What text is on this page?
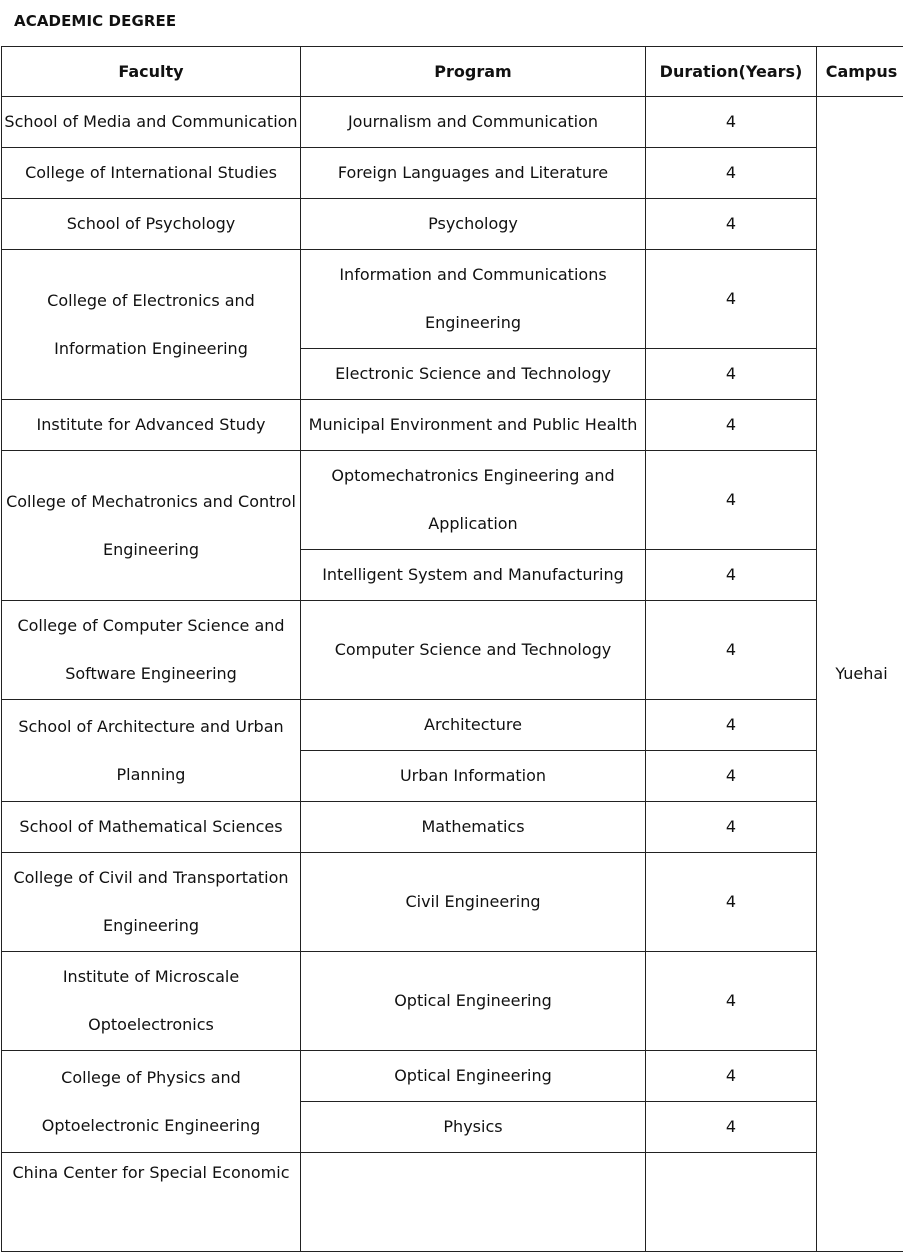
ACADEMIC DEGREE
Faculty	Program	Duration(Years)	Campus
School of Media and Communication	Journalism and Communication	4	Yuehai
College of International Studies	Foreign Languages and Literature	4	
School of Psychology	Psychology	4	
College of Electronics and Information Engineering	Information and Communications Engineering	4	
	Electronic Science and Technology	4	
Institute for Advanced Study	Municipal Environment and Public Health	4	
College of Mechatronics and Control Engineering	Optomechatronics Engineering and Application	4	
	Intelligent System and Manufacturing	4	
College of Computer Science and Software Engineering	Computer Science and Technology	4	
School of Architecture and Urban Planning	Architecture	4	
	Urban Information	4	
School of Mathematical Sciences	Mathematics	4	
College of Civil and Transportation Engineering	Civil Engineering	4	
Institute of Microscale Optoelectronics	Optical Engineering	4	
College of Physics and Optoelectronic Engineering	Optical Engineering	4	
	Physics	4	
China Center for Special Economic			
